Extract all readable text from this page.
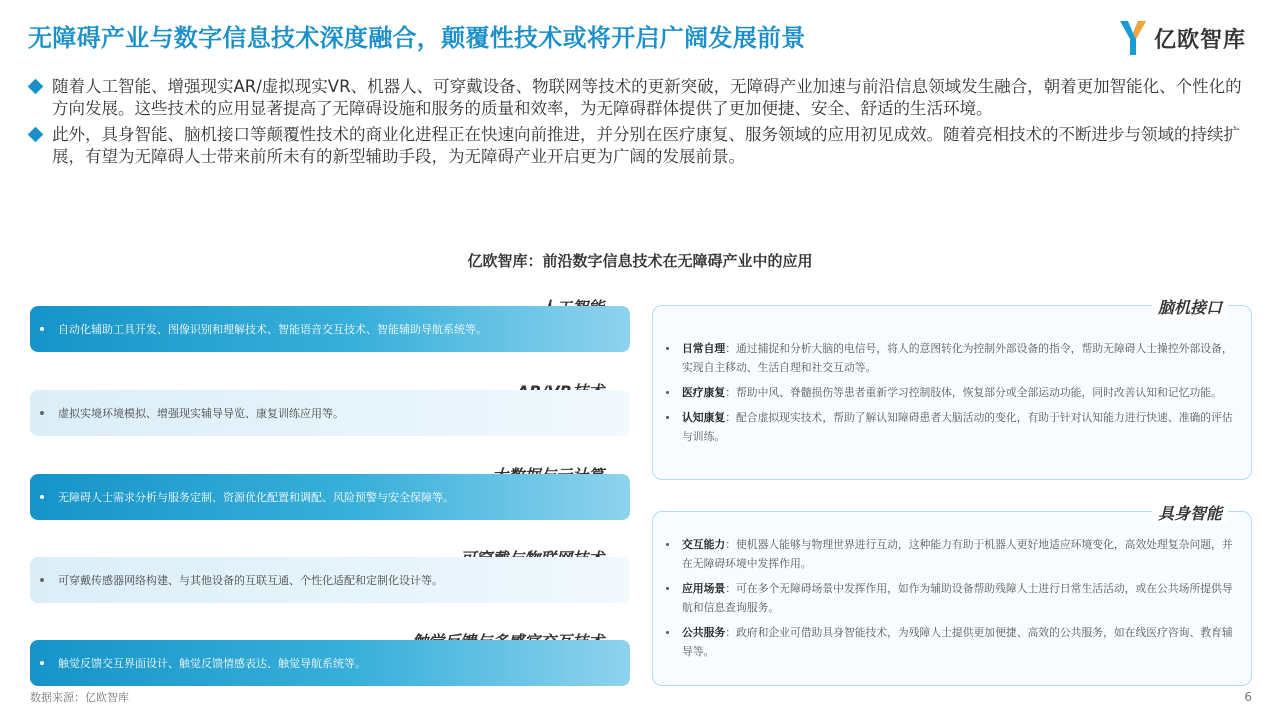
无障碍产业与数字信息技术深度融合，颠覆性技术或将开启广阔发展前景	亿欧智库
随着人工智能、增强现实AR/虚拟现实VR、机器人、可穿戴设备、物联网等技术的更新突破，无障碍产业加速与前沿信息领域发生融合，朝着更加智能化、个性化的方向发展。这些技术的应用显著提高了无障碍设施和服务的质量和效率，为无障碍群体提供了更加便捷、安全、舒适的生活环境。
此外，具身智能、脑机接口等颠覆性技术的商业化进程正在快速向前推进，并分别在医疗康复、服务领域的应用初见成效。随着亮相技术的不断进步与领域的持续扩展，有望为无障碍人士带来前所未有的新型辅助手段，为无障碍产业开启更为广阔的发展前景。
亿欧智库：前沿数字信息技术在无障碍产业中的应用
自动化辅助工具开发、图像识别和理解技术、智能语音交互技术、智能辅助导航系统等。
虚拟实境环境模拟、增强现实辅导导览、康复训练应用等。
无障碍人士需求分析与服务定制、资源优化配置和调配、风险预警与安全保障等。
可穿戴传感器网络构建、与其他设备的互联互通、个性化适配和定制化设计等。
触觉反馈交互界面设计、触觉反馈情感表达、触觉导航系统等。
脑机接口
日常自理：通过捕捉和分析大脑的电信号，将人的意图转化为控制外部设备的指令，帮助无障碍人士操控外部设备，实现自主移动、生活自理和社交互动等。
医疗康复：帮助中风、脊髓损伤等患者重新学习控制肢体，恢复部分或全部运动功能，同时改善认知和记忆功能。
认知康复：配合虚拟现实技术，帮助了解认知障碍患者大脑活动的变化，有助于针对认知能力进行快速、准确的评估与训练。
具身智能
交互能力：使机器人能够与物理世界进行互动，这种能力有助于机器人更好地适应环境变化，高效处理复杂问题，并在无障碍环境中发挥作用。
应用场景：可在多个无障碍场景中发挥作用，如作为辅助设备帮助残障人士进行日常生活活动，或在公共场所提供导航和信息查询服务。
公共服务：政府和企业可借助具身智能技术，为残障人士提供更加便捷、高效的公共服务，如在线医疗咨询、教育辅导等。
数据来源：亿欧智库	6
